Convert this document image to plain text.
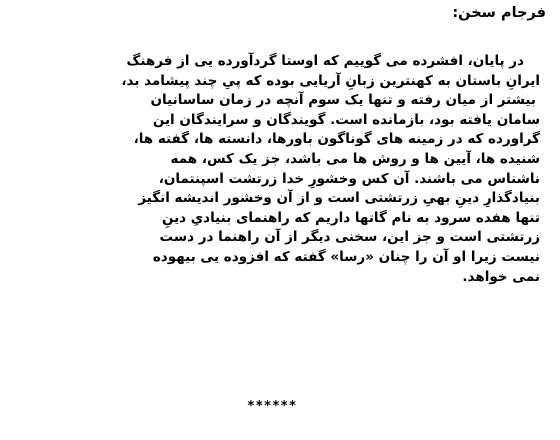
فرجام سخن:
در پایان، افشرده می گوییم که اوستا گردآورده یی از فرهنگ
ایرانِ باستان به کهنترین زبانِ آریایی بوده که پیِ چند پیشامد بد،
بیشتر از میان رفته و تنها یک سوم آنچه در زمان ساسانیان
سامان یافته بود، بازمانده است. گویندگان و سرایندگان این
گراورده که در زمینه های گوناگون باورها، دانسته ها، گفته ها،
شنیده ها، آیین ها و روش ها می باشد، جز یک کس، همه
ناشناس می باشند. آن کس وخشورِ خدا زرتشت اسپنتمان،
بنیادگذارِ دینِ بهیِ زرتشتی است و از آن وخشور اندیشه انگیز
تنها هفده سرود به نام گاتها داریم که راهنمای بنیادیِ دینِ
زرتشتی است و جز این، سخنی دیگر از آن راهنما در دست
نیست زیرا او آن را چنان «رسا» گفته که افزوده یی بیهوده
نمی خواهد.
******
